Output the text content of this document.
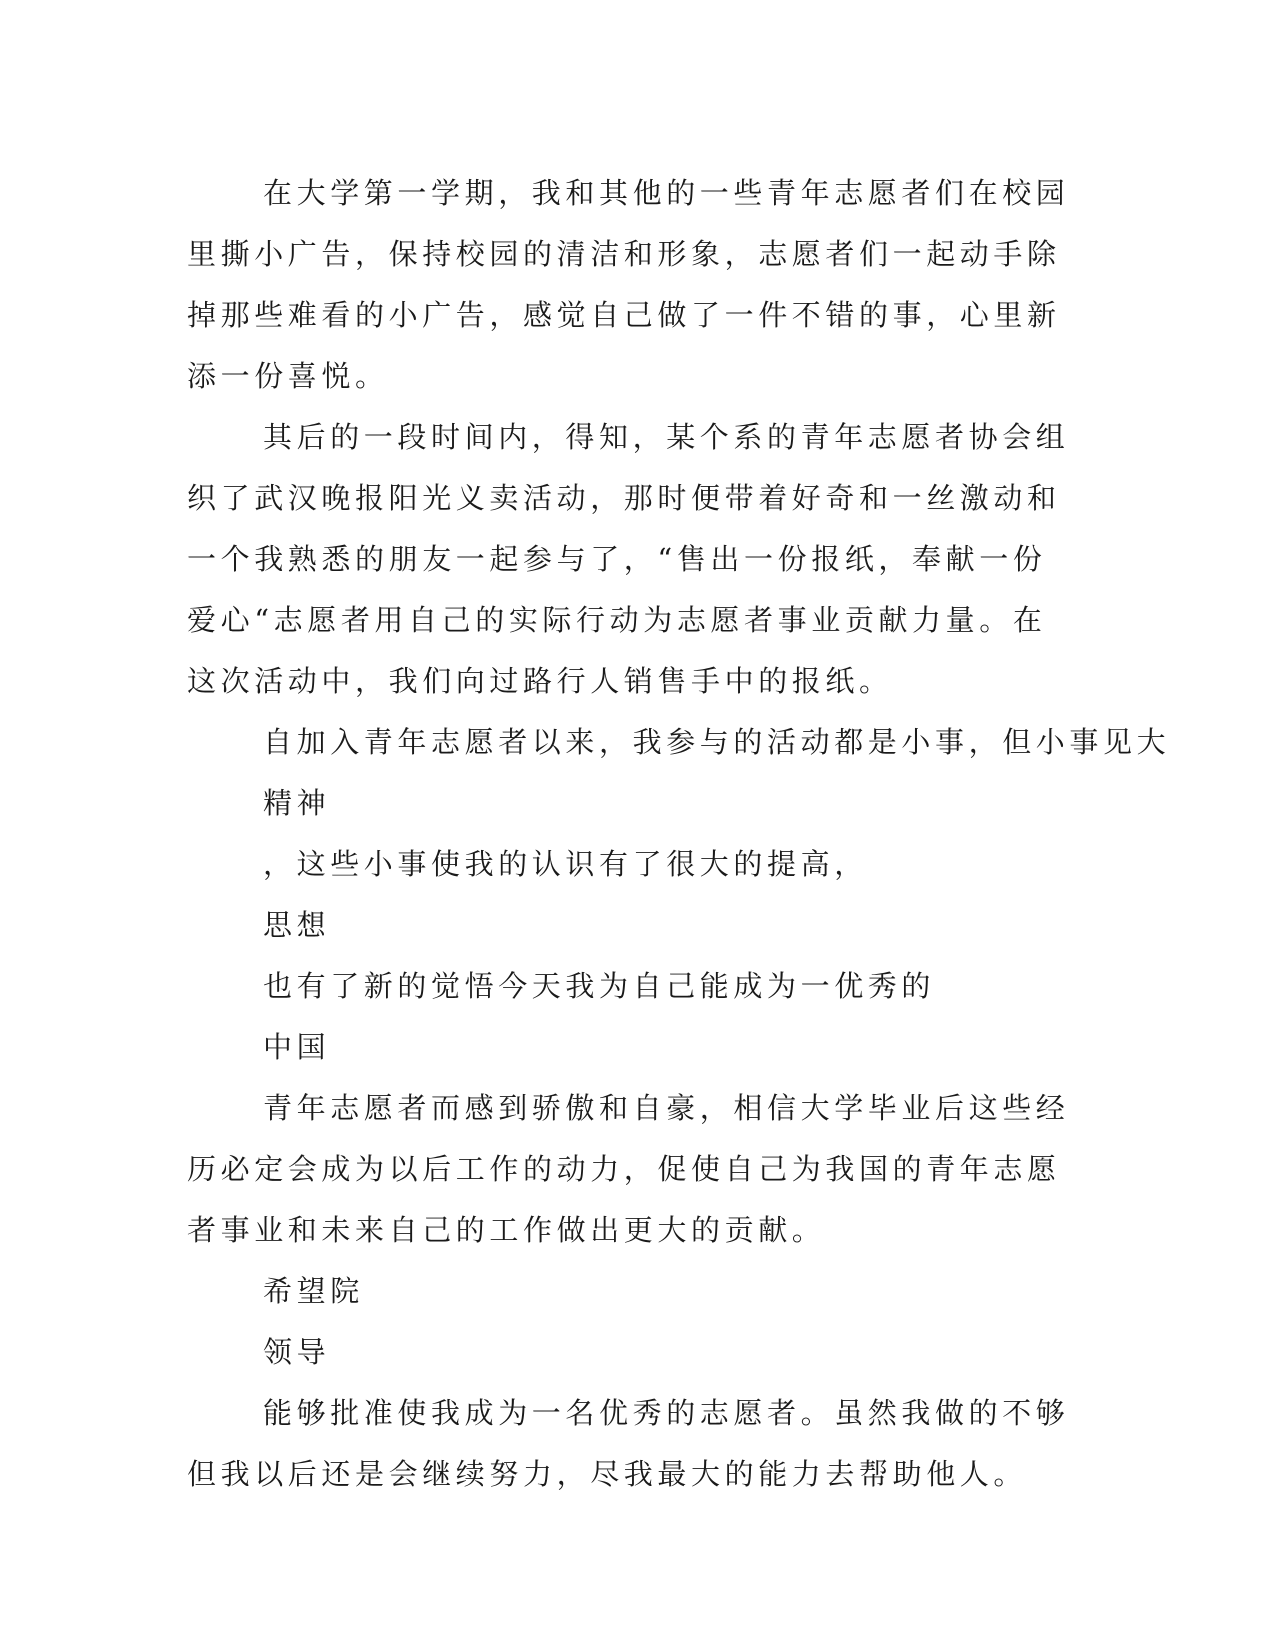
在大学第一学期，我和其他的一些青年志愿者们在校园里撕小广告，保持校园的清洁和形象，志愿者们一起动手除掉那些难看的小广告，感觉自己做了一件不错的事，心里新添一份喜悦。

其后的一段时间内，得知，某个系的青年志愿者协会组织了武汉晚报阳光义卖活动，那时便带着好奇和一丝激动和一个我熟悉的朋友一起参与了，“售出一份报纸，奉献一份爱心“志愿者用自己的实际行动为志愿者事业贡献力量。在这次活动中，我们向过路行人销售手中的报纸。

自加入青年志愿者以来，我参与的活动都是小事，但小事见大

精神

，这些小事使我的认识有了很大的提高，

思想

也有了新的觉悟今天我为自己能成为一优秀的

中国

青年志愿者而感到骄傲和自豪，相信大学毕业后这些经历必定会成为以后工作的动力，促使自己为我国的青年志愿者事业和未来自己的工作做出更大的贡献。

希望院

领导

能够批准使我成为一名优秀的志愿者。虽然我做的不够但我以后还是会继续努力，尽我最大的能力去帮助他人。
